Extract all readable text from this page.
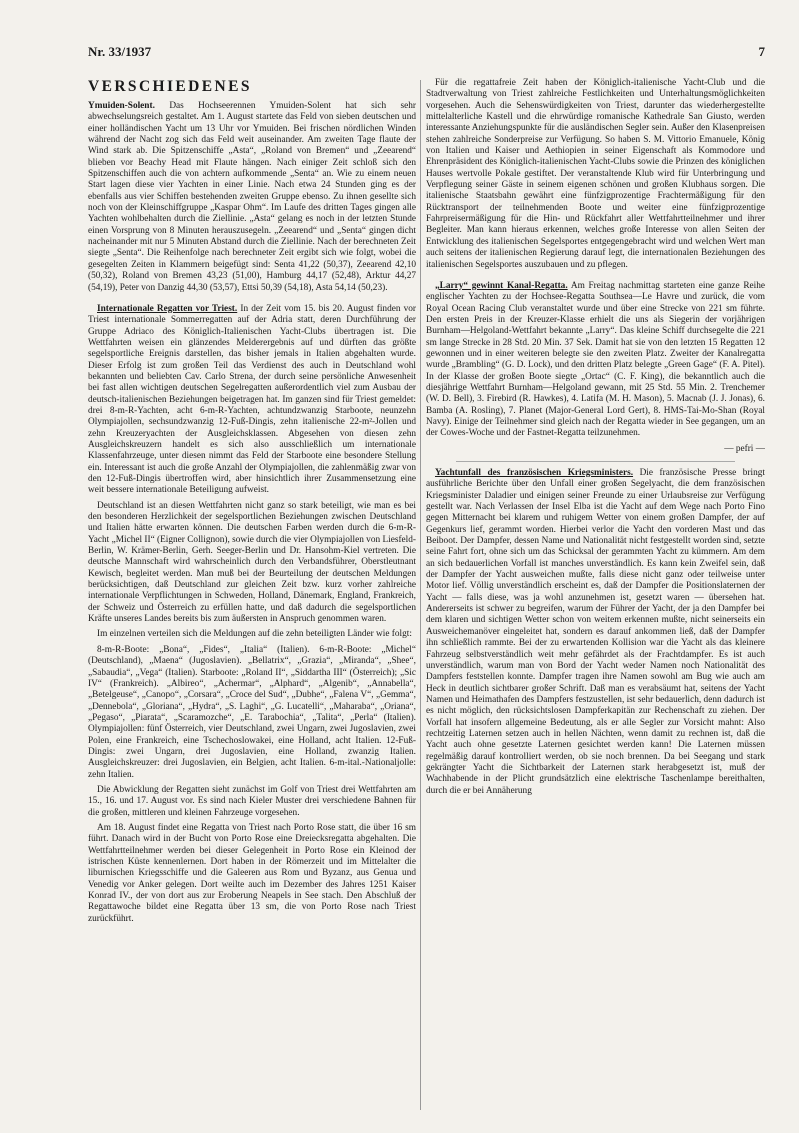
Nr. 33/1937	7
VERSCHIEDENES

Ymuiden-Solent. Das Hochseerennen Ymuiden-Solent hat sich sehr abwechselungsreich gestaltet. Am 1. August startete das Feld von sieben deutschen und einer holländischen Yacht um 13 Uhr vor Ymuiden. Bei frischen nördlichen Winden während der Nacht zog sich das Feld weit auseinander. Am zweiten Tage flaute der Wind stark ab. Die Spitzenschiffe „Asta“, „Roland von Bremen“ und „Zeearend“ blieben vor Beachy Head mit Flaute hängen. Nach einiger Zeit schloß sich den Spitzenschiffen auch die von achtern aufkommende „Senta“ an. Wie zu einem neuen Start lagen diese vier Yachten in einer Linie. Nach etwa 24 Stunden ging es der ebenfalls aus vier Schiffen bestehenden zweiten Gruppe ebenso. Zu ihnen gesellte sich noch von der Kleinschiffgruppe „Kaspar Ohm“. Im Laufe des dritten Tages gingen alle Yachten wohlbehalten durch die Ziellinie. „Asta“ gelang es noch in der letzten Stunde einen Vorsprung von 8 Minuten herauszusegeln. „Zeearend“ und „Senta“ gingen dicht nacheinander mit nur 5 Minuten Abstand durch die Ziellinie. Nach der berechneten Zeit siegte „Senta“. Die Reihenfolge nach berechneter Zeit ergibt sich wie folgt, wobei die gesegelten Zeiten in Klammern beigefügt sind: Senta 41,22 (50,37), Zeearend 42,10 (50,32), Roland von Bremen 43,23 (51,00), Hamburg 44,17 (52,48), Arktur 44,27 (54,19), Peter von Danzig 44,30 (53,57), Ettsi 50,39 (54,18), Asta 54,14 (50,23).

Internationale Regatten vor Triest. In der Zeit vom 15. bis 20. August finden vor Triest internationale Sommerregatten auf der Adria statt, deren Durchführung der Gruppe Adriaco des Königlich-Italienischen Yacht-Clubs übertragen ist. Die Wettfahrten weisen ein glänzendes Melderergebnis auf und dürften das größte segelsportliche Ereignis darstellen, das bisher jemals in Italien abgehalten wurde. Dieser Erfolg ist zum großen Teil das Verdienst des auch in Deutschland wohl bekannten und beliebten Cav. Carlo Strena, der durch seine persönliche Anwesenheit bei fast allen wichtigen deutschen Segelregatten außerordentlich viel zum Ausbau der deutsch-italienischen Beziehungen beigetragen hat. Im ganzen sind für Triest gemeldet: drei 8-m-R-Yachten, acht 6-m-R-Yachten, achtundzwanzig Starboote, neunzehn Olympiajollen, sechsundzwanzig 12-Fuß-Dingis, zehn italienische 22-m²-Jollen und zehn Kreuzeryachten der Ausgleichsklassen. Abgesehen von diesen zehn Ausgleichskreuzern handelt es sich also ausschließlich um internationale Klassenfahrzeuge, unter diesen nimmt das Feld der Starboote eine besondere Stellung ein. Interessant ist auch die große Anzahl der Olympiajollen, die zahlenmäßig zwar von den 12-Fuß-Dingis übertroffen wird, aber hinsichtlich ihrer Zusammensetzung eine weit bessere internationale Beteiligung aufweist.

Deutschland ist an diesen Wettfahrten nicht ganz so stark beteiligt, wie man es bei den besonderen Herzlichkeit der segelsportlichen Beziehungen zwischen Deutschland und Italien hätte erwarten können. Die deutschen Farben werden durch die 6-m-R-Yacht „Michel II“ (Eigner Collignon), sowie durch die vier Olympiajollen von Liesfeld-Berlin, W. Krämer-Berlin, Gerh. Seeger-Berlin und Dr. Hansohm-Kiel vertreten. Die deutsche Mannschaft wird wahrscheinlich durch den Verbandsführer, Oberstleutnant Kewisch, begleitet werden. Man muß bei der Beurteilung der deutschen Meldungen berücksichtigen, daß Deutschland zur gleichen Zeit bzw. kurz vorher zahlreiche internationale Verpflichtungen in Schweden, Holland, Dänemark, England, Frankreich, der Schweiz und Österreich zu erfüllen hatte, und daß dadurch die segelsportlichen Kräfte unseres Landes bereits bis zum äußersten in Anspruch genommen waren.

Im einzelnen verteilen sich die Meldungen auf die zehn beteiligten Länder wie folgt:

8-m-R-Boote: „Bona“, „Fides“, „Italia“ (Italien). 6-m-R-Boote: „Michel“ (Deutschland), „Maena“ (Jugoslavien). „Bellatrix“, „Grazia“, „Miranda“, „Shee“, „Sabaudia“, „Vega“ (Italien). Starboote: „Roland II“, „Siddartha III“ (Österreich); „Sic IV“ (Frankreich). „Albireo“, „Achermar“, „Alphard“, „Algenib“, „Annabella“, „Betelgeuse“, „Canopo“, „Corsara“, „Croce del Sud“, „Dubhe“, „Falena V“, „Gemma“, „Dennebola“, „Gloriana“, „Hydra“, „S. Laghi“, „G. Lucatelli“, „Maharaba“, „Oriana“, „Pegaso“, „Piarata“, „Scaramozche“, „E. Tarabochia“, „Talita“, „Perla“ (Italien). Olympiajollen: fünf Österreich, vier Deutschland, zwei Ungarn, zwei Jugoslavien, zwei Polen, eine Frankreich, eine Tschechoslowakei, eine Holland, acht Italien. 12-Fuß-Dingis: zwei Ungarn, drei Jugoslavien, eine Holland, zwanzig Italien. Ausgleichskreuzer: drei Jugoslavien, ein Belgien, acht Italien. 6-m-ital.-Nationaljolle: zehn Italien.

Die Abwicklung der Regatten sieht zunächst im Golf von Triest drei Wettfahrten am 15., 16. und 17. August vor. Es sind nach Kieler Muster drei verschiedene Bahnen für die großen, mittleren und kleinen Fahrzeuge vorgesehen.

Am 18. August findet eine Regatta von Triest nach Porto Rose statt, die über 16 sm führt. Danach wird in der Bucht von Porto Rose eine Dreiecksregatta abgehalten. Die Wettfahrtteilnehmer werden bei dieser Gelegenheit in Porto Rose ein Kleinod der istrischen Küste kennenlernen. Dort haben in der Römerzeit und im Mittelalter die liburnischen Kriegsschiffe und die Galeeren aus Rom und Byzanz, aus Genua und Venedig vor Anker gelegen. Dort weilte auch im Dezember des Jahres 1251 Kaiser Konrad IV., der von dort aus zur Eroberung Neapels in See stach. Den Abschluß der Regattawoche bildet eine Regatta über 13 sm, die von Porto Rose nach Triest zurückführt.

Für die regattafreie Zeit haben der Königlich-italienische Yacht-Club und die Stadtverwaltung von Triest zahlreiche Festlichkeiten und Unterhaltungsmöglichkeiten vorgesehen. Auch die Sehenswürdigkeiten von Triest, darunter das wiederhergestellte mittelalterliche Kastell und die ehrwürdige romanische Kathedrale San Giusto, werden interessante Anziehungspunkte für die ausländischen Segler sein. Außer den Klasenpreisen stehen zahlreiche Sonderpreise zur Verfügung. So haben S. M. Vittorio Emanuele, König von Italien und Kaiser und Aethiopien in seiner Eigenschaft als Kommodore und Ehrenpräsident des Königlich-italienischen Yacht-Clubs sowie die Prinzen des königlichen Hauses wertvolle Pokale gestiftet. Der veranstaltende Klub wird für Unterbringung und Verpflegung seiner Gäste in seinem eigenen schönen und großen Klubhaus sorgen. Die italienische Staatsbahn gewährt eine fünfzigprozentige Frachtermäßigung für den Rücktransport der teilnehmenden Boote und weiter eine fünfzigprozentige Fahrpreisermäßigung für die Hin- und Rückfahrt aller Wettfahrtteilnehmer und ihrer Begleiter. Man kann hieraus erkennen, welches große Interesse von allen Seiten der Entwicklung des italienischen Segelsportes entgegengebracht wird und welchen Wert man auch seitens der italienischen Regierung darauf legt, die internationalen Beziehungen des italienischen Segelsportes auszubauen und zu pflegen.

„Larry“ gewinnt Kanal-Regatta. Am Freitag nachmittag starteten eine ganze Reihe englischer Yachten zu der Hochsee-Regatta Southsea—Le Havre und zurück, die vom Royal Ocean Racing Club veranstaltet wurde und über eine Strecke von 221 sm führte. Den ersten Preis in der Kreuzer-Klasse erhielt die uns als Siegerin der vorjährigen Burnham—Helgoland-Wettfahrt bekannte „Larry“. Das kleine Schiff durchsegelte die 221 sm lange Strecke in 28 Std. 20 Min. 37 Sek. Damit hat sie von den letzten 15 Regatten 12 gewonnen und in einer weiteren belegte sie den zweiten Platz. Zweiter der Kanalregatta wurde „Brambling“ (G. D. Lock), und den dritten Platz belegte „Green Gage“ (F. A. Pitel). In der Klasse der großen Boote siegte „Ortac“ (C. F. King), die bekanntlich auch die diesjährige Wettfahrt Burnham—Helgoland gewann, mit 25 Std. 55 Min. 2. Trenchemer (W. D. Bell), 3. Firebird (R. Hawkes), 4. Latifa (M. H. Mason), 5. Macnab (J. J. Jonas), 6. Bamba (A. Rosling), 7. Planet (Major-General Lord Gert), 8. HMS-Tai-Mo-Shan (Royal Navy). Einige der Teilnehmer sind gleich nach der Regatta wieder in See gegangen, um an der Cowes-Woche und der Fastnet-Regatta teilzunehmen.

— pefri —

Yachtunfall des französischen Kriegsministers. Die französische Presse bringt ausführliche Berichte über den Unfall einer großen Segelyacht, die dem französischen Kriegsminister Daladier und einigen seiner Freunde zu einer Urlaubsreise zur Verfügung gestellt war. Nach Verlassen der Insel Elba ist die Yacht auf dem Wege nach Porto Fino gegen Mitternacht bei klarem und ruhigem Wetter von einem großen Dampfer, der auf Gegenkurs lief, gerammt worden. Hierbei verlor die Yacht den vorderen Mast und das Beiboot. Der Dampfer, dessen Name und Nationalität nicht festgestellt worden sind, setzte seine Fahrt fort, ohne sich um das Schicksal der gerammten Yacht zu kümmern. Am dem an sich bedauerlichen Vorfall ist manches unverständlich. Es kann kein Zweifel sein, daß der Dampfer der Yacht ausweichen mußte, falls diese nicht ganz oder teilweise unter Motor lief. Völlig unverständlich erscheint es, daß der Dampfer die Positionslaternen der Yacht — falls diese, was ja wohl anzunehmen ist, gesetzt waren — übersehen hat. Andererseits ist schwer zu begreifen, warum der Führer der Yacht, der ja den Dampfer bei dem klaren und sichtigen Wetter schon von weitem erkennen mußte, nicht seinerseits ein Ausweichemanöver eingeleitet hat, sondern es darauf ankommen ließ, daß der Dampfer ihn schließlich rammte. Bei der zu erwartenden Kollision war die Yacht als das kleinere Fahrzeug selbstverständlich weit mehr gefährdet als der Frachtdampfer. Es ist auch unverständlich, warum man von Bord der Yacht weder Namen noch Nationalität des Dampfers feststellen konnte. Dampfer tragen ihre Namen sowohl am Bug wie auch am Heck in deutlich sichtbarer großer Schrift. Daß man es verabsäumt hat, seitens der Yacht Namen und Heimathafen des Dampfers festzustellen, ist sehr bedauerlich, denn dadurch ist es nicht möglich, den rücksichtslosen Dampferkapitän zur Rechenschaft zu ziehen. Der Vorfall hat insofern allgemeine Bedeutung, als er alle Segler zur Vorsicht mahnt: Also rechtzeitig Laternen setzen auch in hellen Nächten, wenn damit zu rechnen ist, daß die Yacht auch ohne gesetzte Laternen gesichtet werden kann! Die Laternen müssen regelmäßig darauf kontrolliert werden, ob sie noch brennen. Da bei Seegang und stark gekrängter Yacht die Sichtbarkeit der Laternen stark herabgesetzt ist, muß der Wachhabende in der Plicht grundsätzlich eine elektrische Taschenlampe bereithalten, durch die er bei Annäherung
